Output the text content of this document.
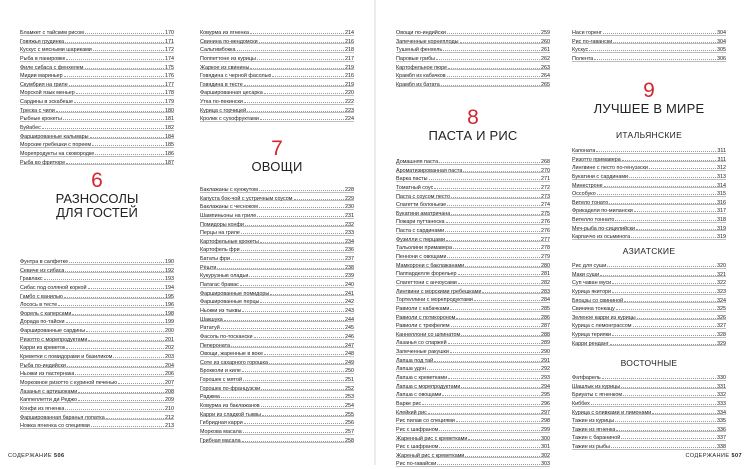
Бламкет с тайским рисом	170
Говяжья грудинка	171
Кускус с мясными шариками	172
Рыба в панировке	174
Филе сибаса с фенхелем	175
Мидии мариньер	176
Скумбрия на гриле	177
Морской язык меньер	178
Сардины в эскабеше	179
Треска с чили	180
Рыбные крокеты	181
Буйабес	182
Фаршированные кальмары	184
Морские гребешки с пореем	185
Морепродукты на сковородке	186
Рыба во фритюре	187
6
РАЗНОСОЛЫ
ДЛЯ ГОСТЕЙ
Фунтра в салфетке	190
Севиче из сибаса	192
Гравлакс	193
Сибас под соляной коркой	194
Гамбо с ванилью	195
Лосось в тесте	196
Форель с каперсами	198
Дорада по-тайски	199
Фаршированные сардины	200
Ризотто с морепродуктами	201
Карри из креветок	202
Креветки с помидорами и базиликом	203
Рыба по-индийски	204
Ньокки из пастернака	206
Морковное ризотто с куриной печенью	207
Лазанья с артишоками	208
Каппеллетти ди Реджо	209
Конфи из ягненка	210
Фаршированная баранья лопатка	212
Ножка ягненка со специями	213
Ковурма из ягненка	214
Свинина по-вендомски	216
Сальтимбокка	218
Поппеттоне из курицы	217
Жаркое из свинины	219
Говядина с черной фасолью	216
Говядина в тесте	219
Фаршированная цесарка	220
Утка по-пекински	222
Курица с горчицей	223
Кролик с сухофруктами	224
7
ОВОЩИ
Баклажаны с кунжутом	228
Капуста бок-чой с устричным соусом	229
Баклажаны с чесноком	230
Шампиньоны на гриле	231
Помидоры конфи	232
Перцы на гриле	233
Картофельные крокеты	234
Картофель фри	236
Бататы фри	237
Рёшти	238
Кукурузные оладьи	239
Патагас бравас	240
Фаршированные помидоры	241
Фаршированные перцы	242
Ньокки из тыквы	243
Шакшука	244
Рататуй	245
Фасоль по-тоскански	246
Пепероната	247
Овощи, жаренные в воке	248
Соте из сахарного горошка	249
Брокколи и киле	250
Горошек с мятой	251
Горошек по-французски	252
Раджма	253
Ковурма из баклажанов	254
Карри из сладкой тыквы	255
Гибридная карри	256
Моркова масала	257
Грибная масала	258
Овощи по-индийски	259
Запеченные корнеплоды	260
Тушеный фенхель	261
Паровые грибы	262
Картофельное пюре	263
Крамбл из кабачков	264
Крамбл из батата	265
8
ПАСТА И РИС
Домашняя паста	268
Ароматизированная паста	270
Варка пасты	271
Томатный соус	272
Паста с соусом песто	273
Спагетти болоньезе	274
Букатини аматричана	275
Пожари путтанеска	276
Паста с сардинами	276
Фузилли с перцами	277
Тальолини примавера	278
Пеннони с овощами	279
Мамкорони с баклажанами	280
Паппарделле форельер	281
Спагеттони с анчоусами	282
Лингвини с морскими гребешками	283
Тортеллини с морепродуктами	284
Равиоли с кабачками	285
Равиоли с потикороном	286
Равиоли с трюфелем	287
Каннеллони со шпинатом	288
Лазанья со спаржей	289
Запеченные ракушки	290
Лапша под тай	291
Лапша удон	292
Лапша с креветками	293
Лапша с морепродуктами	294
Лапша с овощами	295
Варке рис	296
Клейкий рис	297
Рис пилав со специями	298
Рис с шафраном	299
Жаренный рис с креветками	300
Рис с шафраном	301
Жареный рис с креветками	302
Рис по-гавайски	303
Наси горенг	304
Рис по-гавански	304
Кускус	305
Полента	306
9
ЛУЧШЕЕ В МИРЕ
ИТАЛЬЯНСКИЕ
Капоната	311
Ризотто примавера	311
Лингвине с песто по-генуэзски	312
Букатини с сардинами	313
Минестроне	314
Оссобуко	315
Витело тонато	316
Фрикадели по-милански	317
Вителло тоннато	318
Меч-рыба по-сицилийски	319
Карпаччо из осьминога	319
АЗИАТСКИЕ
Рис для суши	320
Маки суши	321
Суп чаван муси	322
Курица якитори	323
Бяоцзы со свининой	324
Свинина тонкацу	325
Зеленое карри из курицы	326
Курица с лемонграссом	327
Курица терияки	328
Карри ренданг	329
ВОСТОЧНЫЕ
Фатфарель	330
Шашлык из курицы	331
Бриуаты с ягненком	332
Киббех	333
Курица с оливками и лимонами	334
Тажин из курицы	335
Тажин из ягненка	336
Тажин с бараниной	337
Тажин из рыбы	338
СОДЕРЖАНИЕ 506	СОДЕРЖАНИЕ 507
